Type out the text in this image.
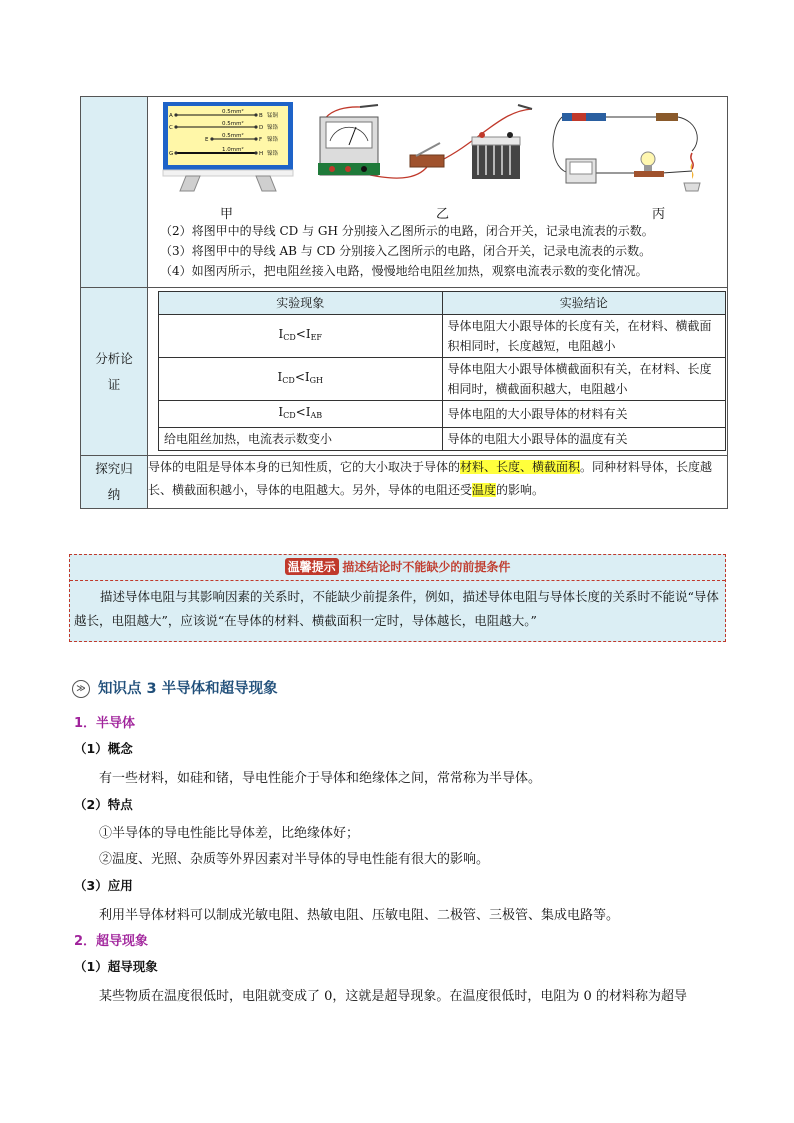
A
0.5mm²
B 锰铜
C
0.5mm²
D 镍铬
E
0.5mm²
F 镍铬
G
1.0mm²
H 镍铬
甲	乙	丙
（2）将图甲中的导线 CD 与 GH 分别接入乙图所示的电路，闭合开关，记录电流表的示数。
（3）将图甲中的导线 AB 与 CD 分别接入乙图所示的电路，闭合开关，记录电流表的示数。
（4）如图丙所示，把电阻丝接入电路，慢慢地给电阻丝加热，观察电流表示数的变化情况。

分析论
证	
实验现象	实验结论
$I_{CD}<I_{EF}$	导体电阻大小跟导体的长度有关，在材料、横截面积相同时，长度越短，电阻越小
$I_{CD}<I_{GH}$	导体电阻大小跟导体横截面积有关，在材料、长度相同时，横截面积越大，电阻越小
$I_{CD}<I_{AB}$	导体电阻的大小跟导体的材料有关
给电阻丝加热，电流表示数变小	导体的电阻大小跟导体的温度有关

探究归
纳	导体的电阻是导体本身的已知性质，它的大小取决于导体的材料、长度、横截面积。同种材料导体，长度越长、横截面积越小，导体的电阻越大。另外，导体的电阻还受温度的影响。
温馨提示 描述结论时不能缺少的前提条件
描述导体电阻与其影响因素的关系时，不能缺少前提条件，例如，描述导体电阻与导体长度的关系时不能说“导体越长，电阻越大”，应该说“在导体的材料、横截面积一定时，导体越长，电阻越大。”
≫ 知识点 3 半导体和超导现象
1．半导体
（1）概念
有一些材料，如硅和锗，导电性能介于导体和绝缘体之间，常常称为半导体。
（2）特点
①半导体的导电性能比导体差，比绝缘体好；
②温度、光照、杂质等外界因素对半导体的导电性能有很大的影响。
（3）应用
利用半导体材料可以制成光敏电阻、热敏电阻、压敏电阻、二极管、三极管、集成电路等。
2．超导现象
（1）超导现象
某些物质在温度很低时，电阻就变成了 0，这就是超导现象。在温度很低时，电阻为 0 的材料称为超导
